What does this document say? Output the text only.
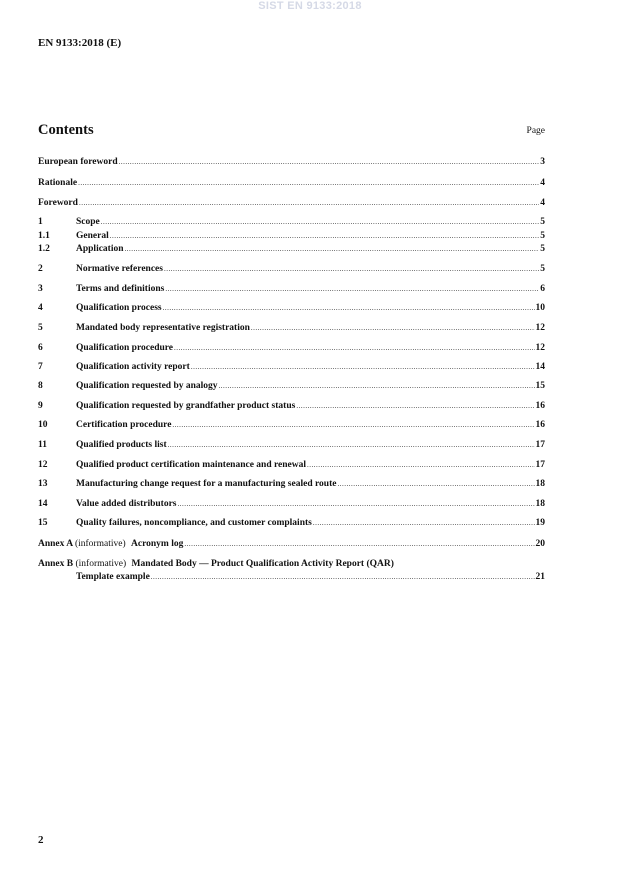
SIST EN 9133:2018
EN 9133:2018 (E)
Contents	Page
European foreword .....	3
Rationale .....	4
Foreword .....	4
1	Scope .....	5
1.1	General .....	5
1.2	Application .....	5
2	Normative references .....	5
3	Terms and definitions .....	6
4	Qualification process .....	10
5	Mandated body representative registration .....	12
6	Qualification procedure .....	12
7	Qualification activity report .....	14
8	Qualification requested by analogy .....	15
9	Qualification requested by grandfather product status .....	16
10	Certification procedure .....	16
11	Qualified products list .....	17
12	Qualified product certification maintenance and renewal .....	17
13	Manufacturing change request for a manufacturing sealed route .....	18
14	Value added distributors .....	18
15	Quality failures, noncompliance, and customer complaints .....	19
Annex A (informative) Acronym log .....	20
Annex B (informative) Mandated Body — Product Qualification Activity Report (QAR)
Template example .....	21
2
